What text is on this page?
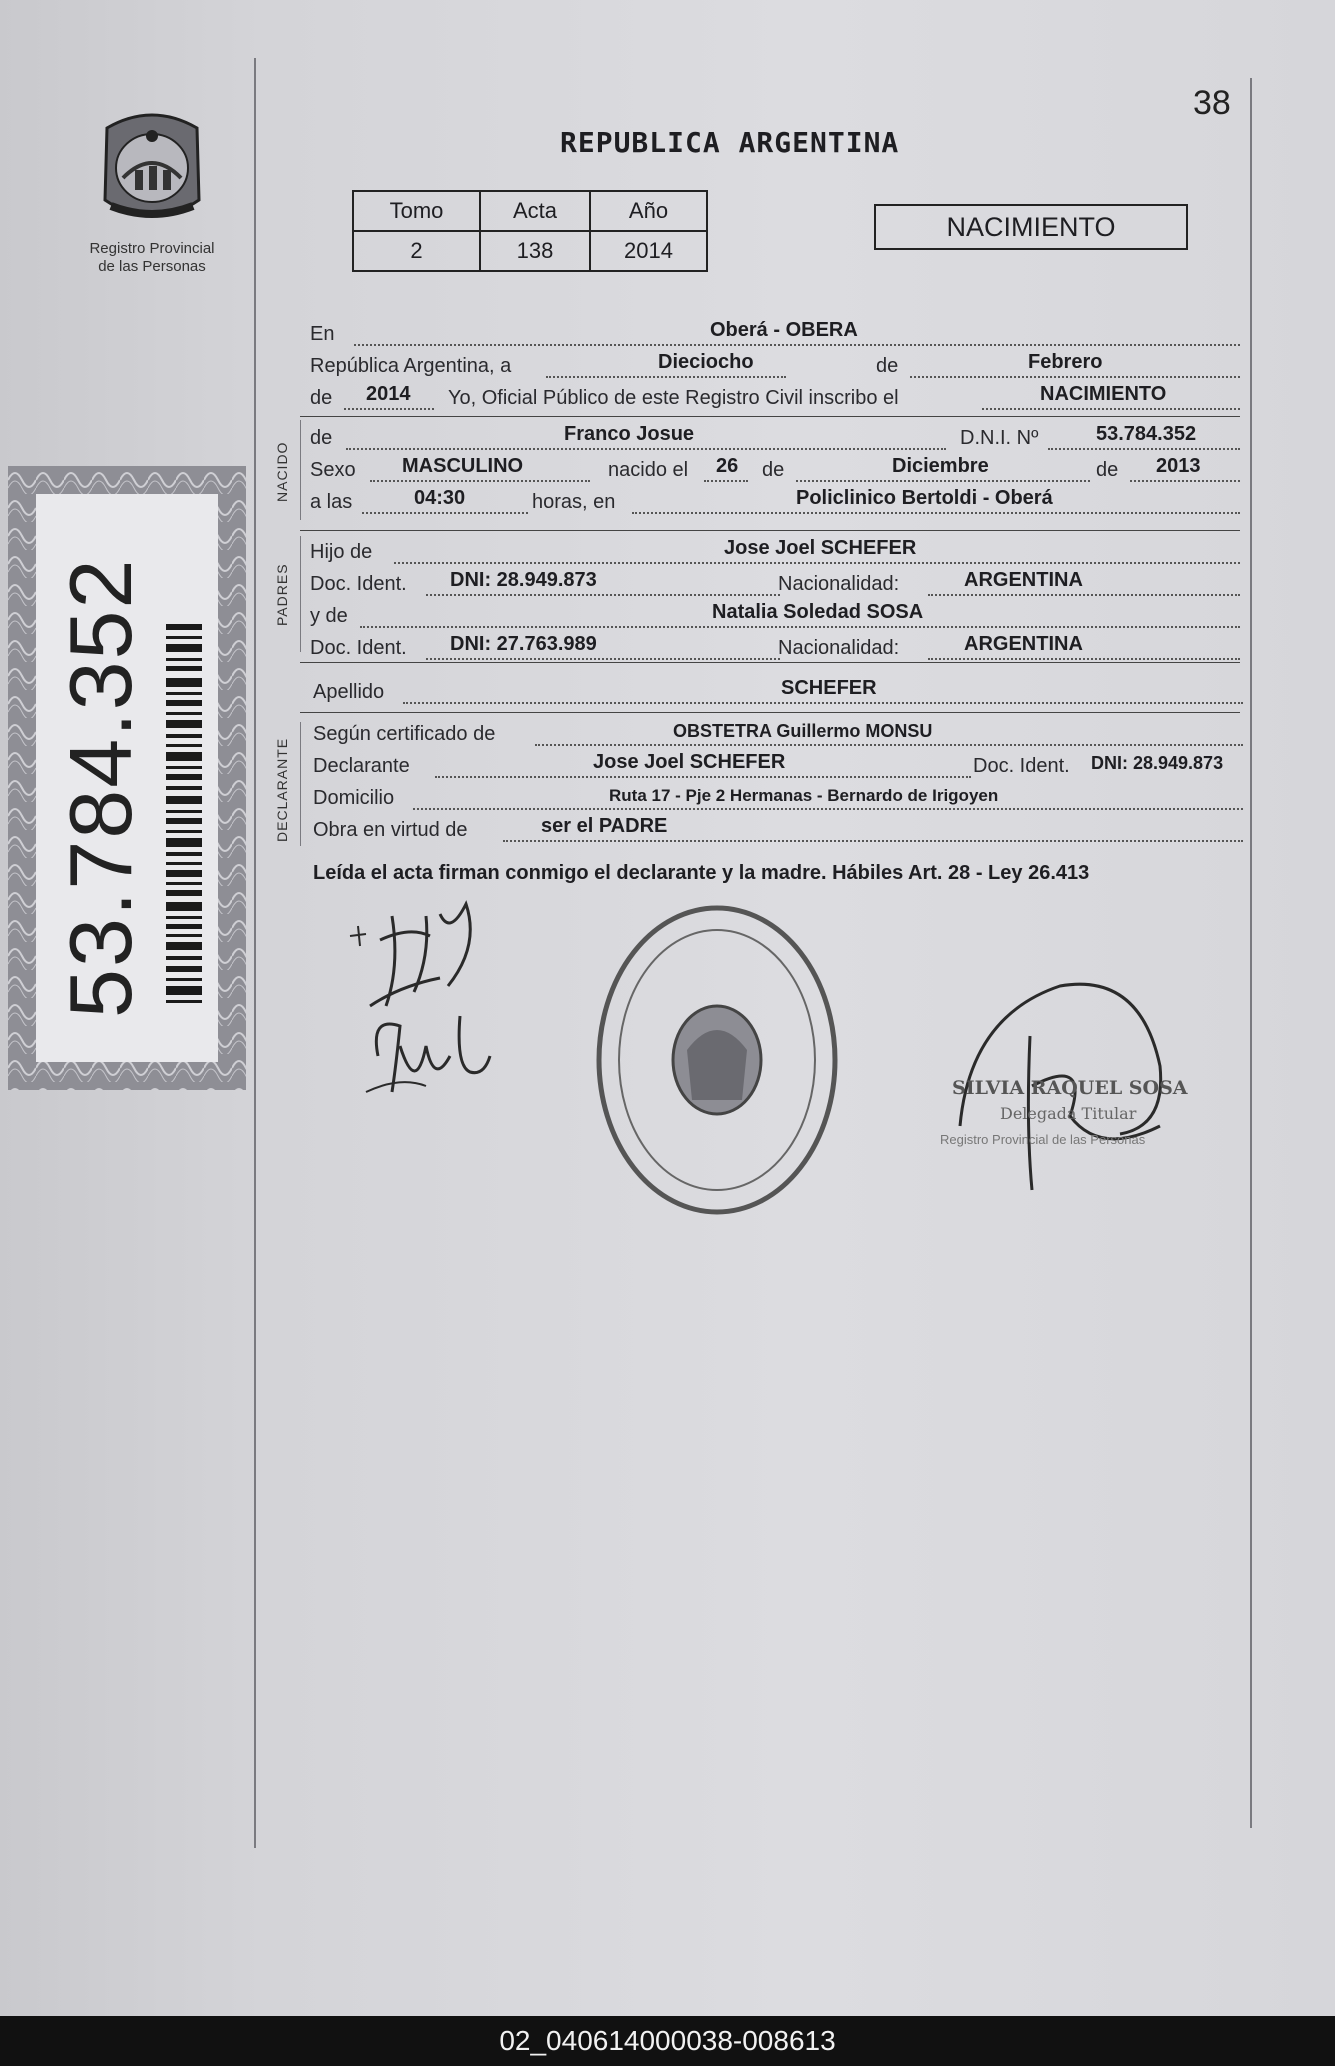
38
REPUBLICA ARGENTINA
Registro Provincial
de las Personas
Tomo	Acta	Año
2	138	2014
NACIMIENTO
53.784.352
NACIDO
PADRES
DECLARANTE
En	Oberá - OBERA
República Argentina, a	Dieciocho	de	Febrero
de 2014 Yo, Oficial Público de este Registro Civil inscribo el	NACIMIENTO
de	Franco Josue	D.N.I. Nº	53.784.352
Sexo MASCULINO	nacido el 26 de	Diciembre	de 2013
a las	04:30	horas, en	Policlinico Bertoldi - Oberá
Hijo de	Jose Joel SCHEFER
Doc. Ident. DNI: 28.949.873	Nacionalidad:	ARGENTINA
y de	Natalia Soledad SOSA
Doc. Ident. DNI: 27.763.989	Nacionalidad:	ARGENTINA
Apellido	SCHEFER
Según certificado de	OBSTETRA Guillermo MONSU
Declarante	Jose Joel SCHEFER	Doc. Ident. DNI: 28.949.873
Domicilio	Ruta 17 - Pje 2 Hermanas - Bernardo de Irigoyen
Obra en virtud de	ser el PADRE
Leída el acta firman conmigo el declarante y la madre. Hábiles Art. 28 - Ley 26.413
SILVIA RAQUEL SOSA
Delegada Titular
Registro Provincial de las Personas
02_040614000038-008613
